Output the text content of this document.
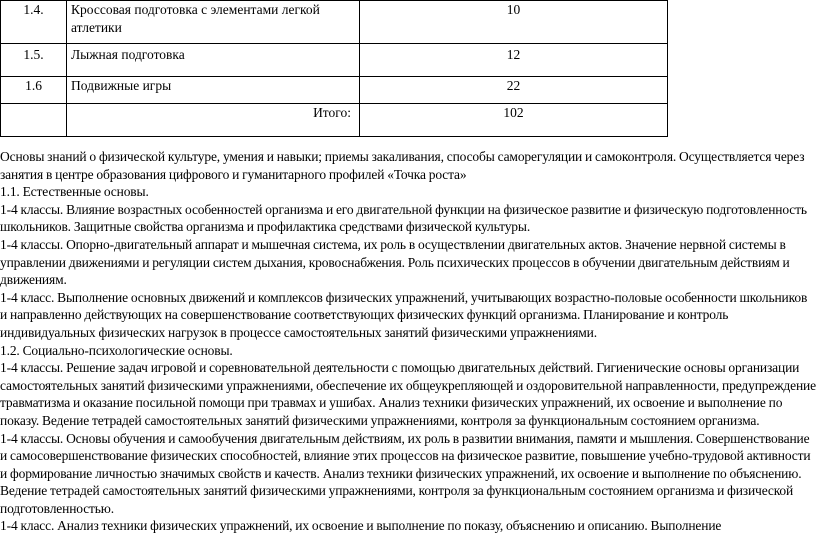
1.4.	Кроссовая подготовка с элементами легкой атлетики	10
1.5.	Лыжная подготовка	12
1.6	Подвижные игры	22
	Итого:	102

Основы знаний о физической культуре, умения и навыки; приемы закаливания, способы саморегуляции и самоконтроля. Осуществляется через занятия в центре образования цифрового и гуманитарного профилей «Точка роста»

1.1. Естественные основы.

1-4 классы. Влияние возрастных особенностей организма и его двигательной функции на физическое развитие и физическую подготовленность школьников. Защитные свойства организма и профилактика средствами физической культуры.

1-4 классы. Опорно-двигательный аппарат и мышечная система, их роль в осуществлении двигательных актов. Значение нервной системы в управлении движениями и регуляции систем дыхания, кровоснабжения. Роль психических процессов в обучении двигательным действиям и движениям.

1-4 класс. Выполнение основных движений и комплексов физических упражнений, учитывающих возрастно-половые особенности школьников и направленно действующих на совершенствование соответствующих физических функций организма. Планирование и контроль индивидуальных физических нагрузок в процессе самостоятельных занятий физическими упражнениями.

1.2. Социально-психологические основы.

1-4 классы. Решение задач игровой и соревновательной деятельности с помощью двигательных действий. Гигиенические основы организации самостоятельных занятий физическими упражнениями, обеспечение их общеукрепляющей и оздоровительной направленности, предупреждение травматизма и оказание посильной помощи при травмах и ушибах. Анализ техники физических упражнений, их освоение и выполнение по показу. Ведение тетрадей самостоятельных занятий физическими упражнениями, контроля за функциональным состоянием организма.

1-4 классы. Основы обучения и самообучения двигательным действиям, их роль в развитии внимания, памяти и мышления. Совершенствование и самосовершенствование физических способностей, влияние этих процессов на физическое развитие, повышение учебно-трудовой активности и формирование личностью значимых свойств и качеств. Анализ техники физических упражнений, их освоение и выполнение по объяснению. Ведение тетрадей самостоятельных занятий физическими упражнениями, контроля за функциональным состоянием организма и физической подготовленностью.

1-4 класс. Анализ техники физических упражнений, их освоение и выполнение по показу, объяснению и описанию. Выполнение
